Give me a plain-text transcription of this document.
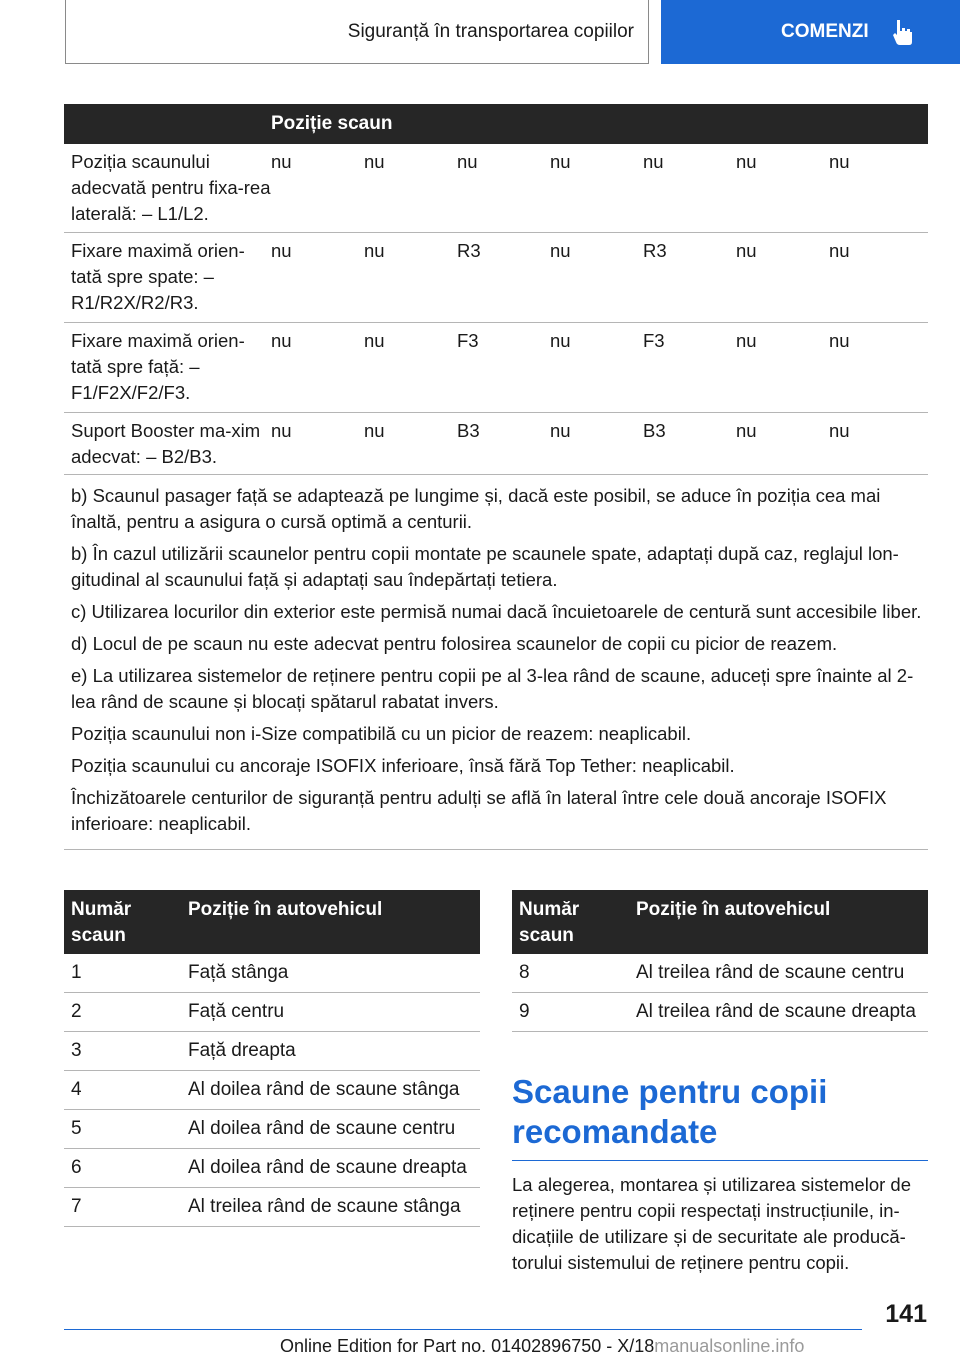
Siguranță în transportarea copiilor	COMENZI
Poziție scaun
Poziția scaunului adecvată pentru fixa-rea laterală: – L1/L2.
nu	nu	nu	nu	nu	nu	nu
Fixare maximă orien-tată spre spate: – R1/R2X/R2/R3.
nu	nu	R3	nu	R3	nu	nu
Fixare maximă orien-tată spre față: – F1/F2X/F2/F3.
nu	nu	F3	nu	F3	nu	nu
Suport Booster ma-xim adecvat: – B2/B3.
nu	nu	B3	nu	B3	nu	nu

b) Scaunul pasager față se adaptează pe lungime și, dacă este posibil, se aduce în poziția cea mai înaltă, pentru a asigura o cursă optimă a centurii.

b) În cazul utilizării scaunelor pentru copii montate pe scaunele spate, adaptați după caz, reglajul lon-gitudinal al scaunului față și adaptați sau îndepărtați tetiera.

c) Utilizarea locurilor din exterior este permisă numai dacă încuietoarele de centură sunt accesibile liber.

d) Locul de pe scaun nu este adecvat pentru folosirea scaunelor de copii cu picior de reazem.

e) La utilizarea sistemelor de reținere pentru copii pe al 3-lea rând de scaune, aduceți spre înainte al 2-lea rând de scaune și blocați spătarul rabatat invers.

Poziția scaunului non i-Size compatibilă cu un picior de reazem: neaplicabil.

Poziția scaunului cu ancoraje ISOFIX inferioare, însă fără Top Tether: neaplicabil.

Închizătoarele centurilor de siguranță pentru adulți se află în lateral între cele două ancoraje ISOFIX inferioare: neaplicabil.

Număr scaun
Poziție în autovehicul
1	Față stânga
2	Față centru
3	Față dreapta
4	Al doilea rând de scaune stânga
5	Al doilea rând de scaune centru
6	Al doilea rând de scaune dreapta
7	Al treilea rând de scaune stânga
Număr scaun
Poziție în autovehicul
8	Al treilea rând de scaune centru
9	Al treilea rând de scaune dreapta
Scaune pentru copii recomandate
La alegerea, montarea și utilizarea sistemelor de reținere pentru copii respectați instrucțiunile, in-dicațiile de utilizare și de securitate ale producă-torului sistemului de reținere pentru copii.
141
Online Edition for Part no. 01402896750 - X/18manualsonline.info
